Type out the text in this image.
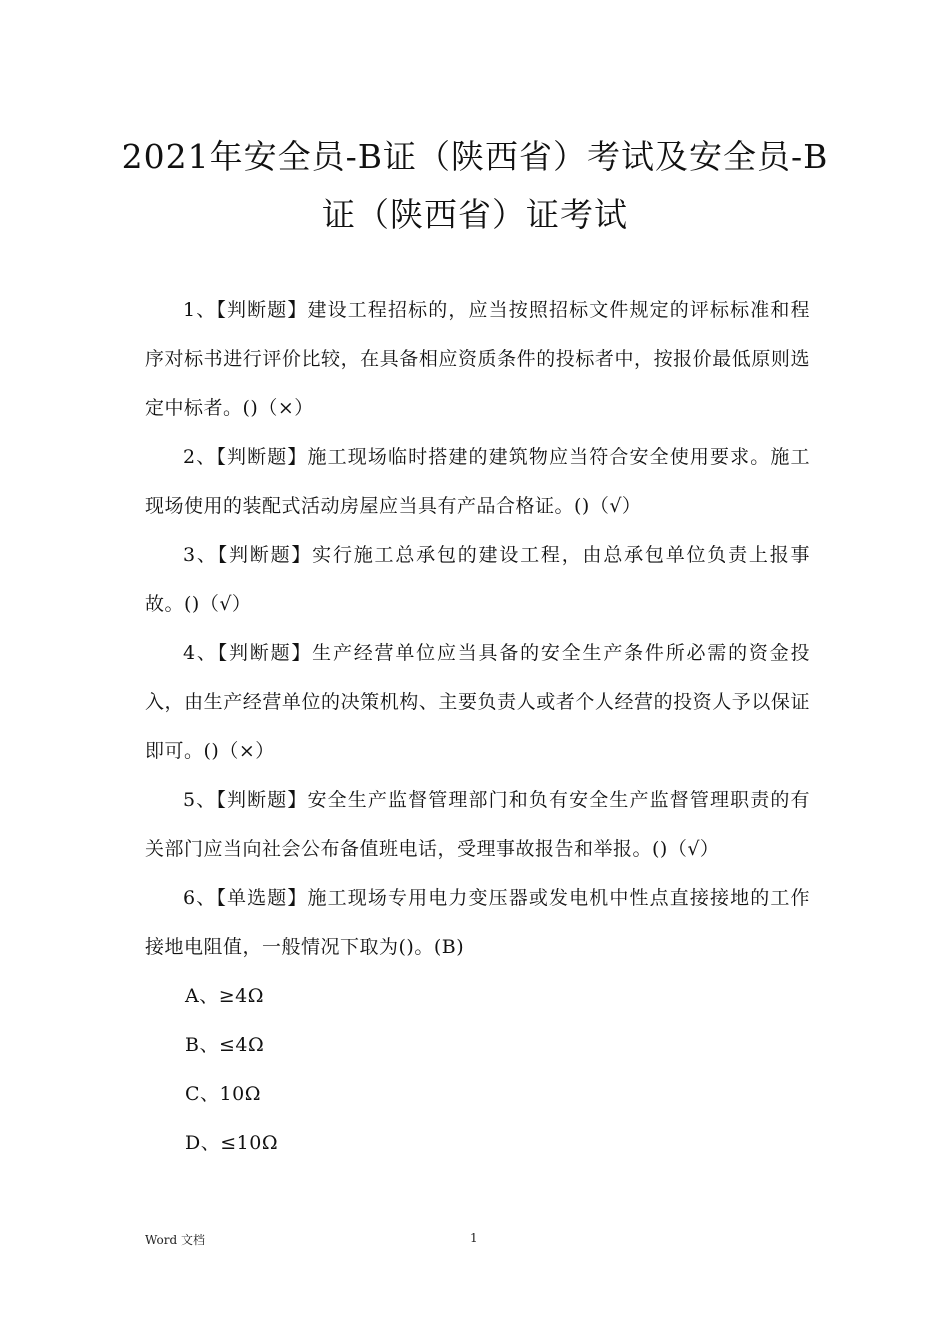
2021年安全员-B证（陕西省）考试及安全员-B证（陕西省）证考试

1、【判断题】建设工程招标的，应当按照招标文件规定的评标标准和程序对标书进行评价比较，在具备相应资质条件的投标者中，按报价最低原则选定中标者。()（×）

2、【判断题】施工现场临时搭建的建筑物应当符合安全使用要求。施工现场使用的装配式活动房屋应当具有产品合格证。()（√）

3、【判断题】实行施工总承包的建设工程，由总承包单位负责上报事故。()（√）

4、【判断题】生产经营单位应当具备的安全生产条件所必需的资金投入，由生产经营单位的决策机构、主要负责人或者个人经营的投资人予以保证即可。()（×）

5、【判断题】安全生产监督管理部门和负有安全生产监督管理职责的有关部门应当向社会公布备值班电话，受理事故报告和举报。()（√）

6、【单选题】施工现场专用电力变压器或发电机中性点直接接地的工作接地电阻值，一般情况下取为()。(B)

A、≥4Ω

B、≤4Ω

C、10Ω

D、≤10Ω

Word 文档	1
